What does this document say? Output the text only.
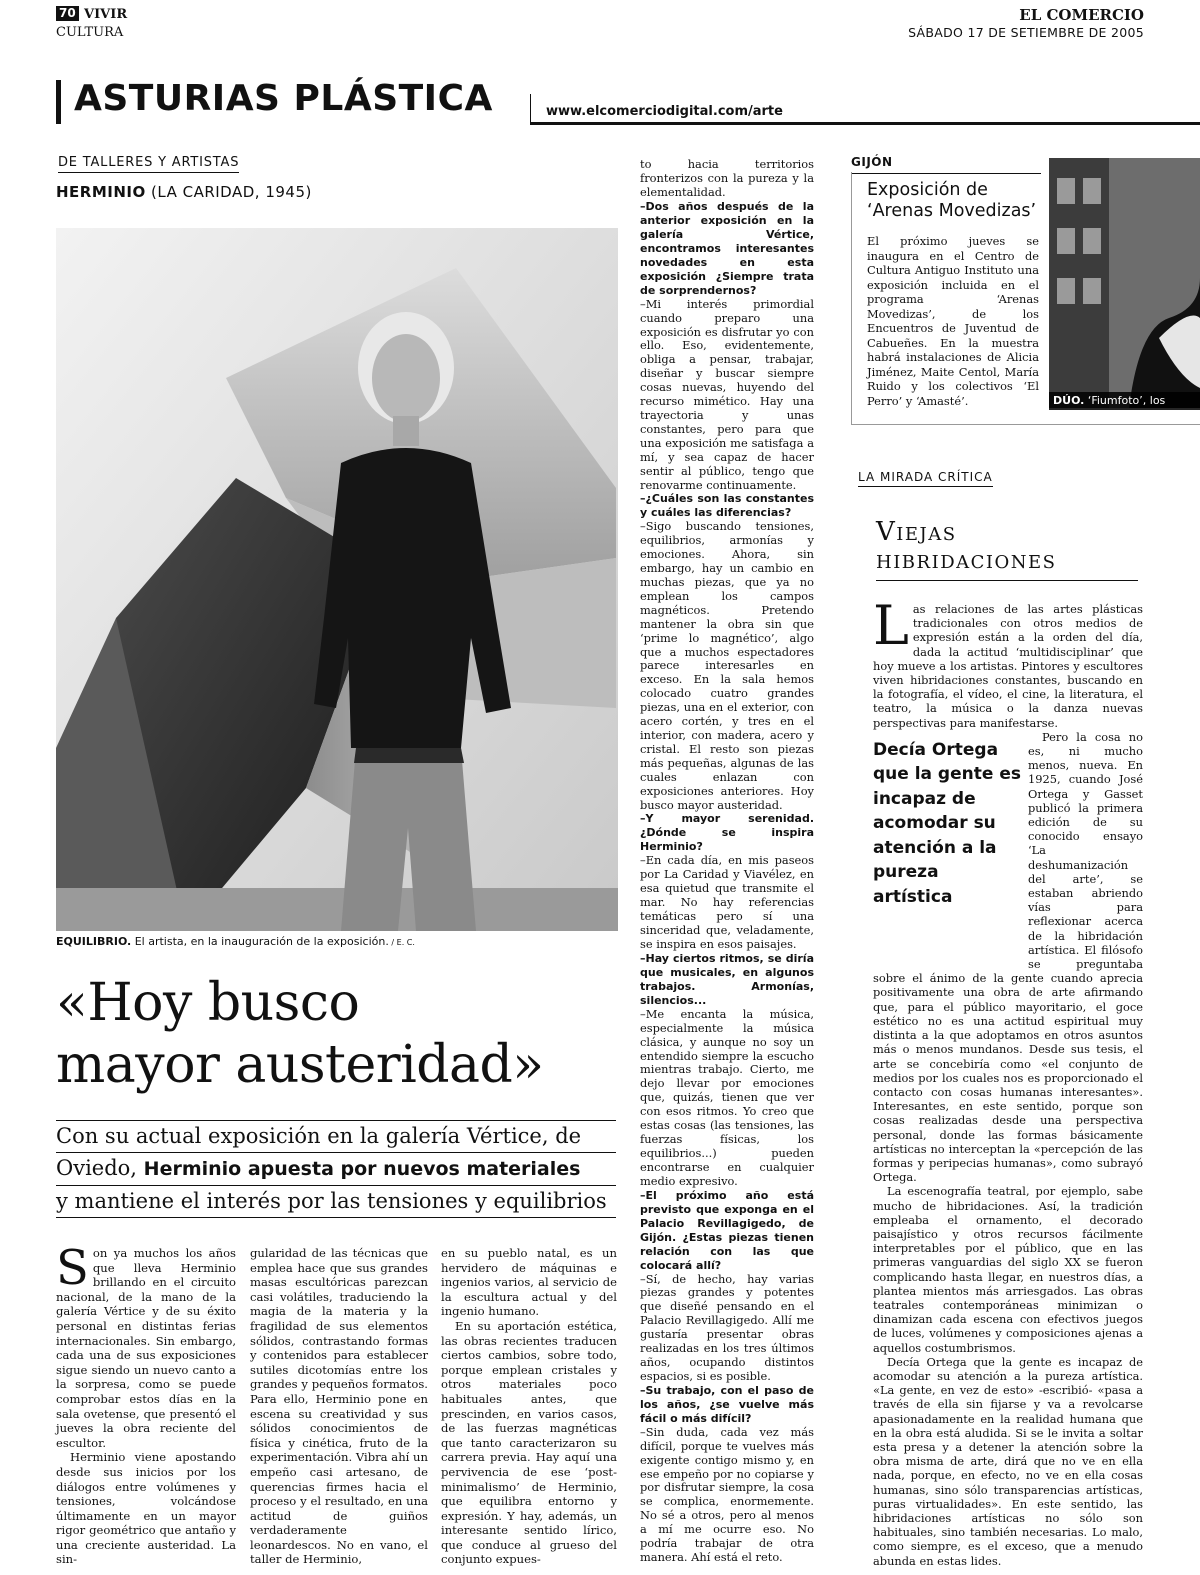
70 VIVIR
CULTURA
EL COMERCIO
SÁBADO 17 DE SETIEMBRE DE 2005
ASTURIAS PLÁSTICA	www.elcomerciodigital.com/arte
DE TALLERES Y ARTISTAS
HERMINIO (LA CARIDAD, 1945)
EQUILIBRIO. El artista, en la inauguración de la exposición. / E. C.
«Hoy busco
mayor austeridad»
Con su actual exposición en la galería Vértice, de
Oviedo, Herminio apuesta por nuevos materiales
y mantiene el interés por las tensiones y equilibrios

Son ya muchos los años que lleva Herminio brillando en el circuito nacional, de la mano de la galería Vértice y de su éxito personal en distintas ferias internacionales. Sin embargo, cada una de sus exposiciones sigue siendo un nuevo canto a la sorpresa, como se puede comprobar estos días en la sala ovetense, que presentó el jueves la obra reciente del escultor.

Herminio viene apostando desde sus inicios por los diálogos entre volúmenes y tensiones, volcándose últimamente en un mayor rigor geométrico que antaño y una creciente austeridad. La sin-

gularidad de las técnicas que emplea hace que sus grandes masas escultóricas parezcan casi volátiles, traduciendo la magia de la materia y la fragilidad de sus elementos sólidos, contrastando formas y contenidos para establecer sutiles dicotomías entre los grandes y pequeños formatos. Para ello, Herminio pone en escena su creatividad y sus sólidos conocimientos de física y cinética, fruto de la experimentación. Vibra ahí un empeño casi artesano, de querencias firmes hacia el proceso y el resultado, en una actitud de guiños verdaderamente leonardescos. No en vano, el taller de Herminio,

en su pueblo natal, es un hervidero de máquinas e ingenios varios, al servicio de la escultura actual y del ingenio humano.

En su aportación estética, las obras recientes traducen ciertos cambios, sobre todo, porque emplean cristales y otros materiales poco habituales antes, que prescinden, en varios casos, de las fuerzas magnéticas que tanto caracterizaron su carrera previa. Hay aquí una pervivencia de ese ‘post-minimalismo’ de Herminio, que equilibra entorno y expresión. Y hay, además, un interesante sentido lírico, que conduce al grueso del conjunto expues-

to hacia territorios fronterizos con la pureza y la elementalidad.

–Dos años después de la anterior exposición en la galería Vértice, encontramos interesantes novedades en esta exposición ¿Siempre trata de sorprendernos?

–Mi interés primordial cuando preparo una exposición es disfrutar yo con ello. Eso, evidentemente, obliga a pensar, trabajar, diseñar y buscar siempre cosas nuevas, huyendo del recurso mimético. Hay una trayectoria y unas constantes, pero para que una exposición me satisfaga a mí, y sea capaz de hacer sentir al público, tengo que renovarme continuamente.

–¿Cuáles son las constantes y cuáles las diferencias?

–Sigo buscando tensiones, equilibrios, armonías y emociones. Ahora, sin embargo, hay un cambio en muchas piezas, que ya no emplean los campos magnéticos. Pretendo mantener la obra sin que ‘prime lo magnético’, algo que a muchos espectadores parece interesarles en exceso. En la sala hemos colocado cuatro grandes piezas, una en el exterior, con acero cortén, y tres en el interior, con madera, acero y cristal. El resto son piezas más pequeñas, algunas de las cuales enlazan con exposiciones anteriores. Hoy busco mayor austeridad.

–Y mayor serenidad. ¿Dónde se inspira Herminio?

–En cada día, en mis paseos por La Caridad y Viavélez, en esa quietud que transmite el mar. No hay referencias temáticas pero sí una sinceridad que, veladamente, se inspira en esos paisajes.

–Hay ciertos ritmos, se diría que musicales, en algunos trabajos. Armonías, silencios...

–Me encanta la música, especialmente la música clásica, y aunque no soy un entendido siempre la escucho mientras trabajo. Cierto, me dejo llevar por emociones que, quizás, tienen que ver con esos ritmos. Yo creo que estas cosas (las tensiones, las fuerzas físicas, los equilibrios...) pueden encontrarse en cualquier medio expresivo.

–El próximo año está previsto que exponga en el Palacio Revillagigedo, de Gijón. ¿Estas piezas tienen relación con las que colocará allí?

–Sí, de hecho, hay varias piezas grandes y potentes que diseñé pensando en el Palacio Revillagigedo. Allí me gustaría presentar obras realizadas en los tres últimos años, ocupando distintos espacios, si es posible.

–Su trabajo, con el paso de los años, ¿se vuelve más fácil o más difícil?

–Sin duda, cada vez más difícil, porque te vuelves más exigente contigo mismo y, en ese empeño por no copiarse y por disfrutar siempre, la cosa se complica, enormemente. No sé a otros, pero al menos a mí me ocurre eso. No podría trabajar de otra manera. Ahí está el reto.

GIJÓN
Exposición de
‘Arenas Movedizas’
El próximo jueves se inaugura en el Centro de Cultura Antiguo Instituto una exposición incluida en el programa ‘Arenas Movedizas’, de los Encuentros de Juventud de Cabueñes. En la muestra habrá instalaciones de Alicia Jiménez, Maite Centol, María Ruido y los colectivos ‘El Perro’ y ‘Amasté’.	DÚO. ‘Fiumfoto’, los
LA MIRADA CRÍTICA
Viejas
hibridaciones

Las relaciones de las artes plásticas tradicionales con otros medios de expresión están a la orden del día, dada la actitud ‘multidisciplinar’ que hoy mueve a los artistas. Pintores y escultores viven hibridaciones constantes, buscando en la fotografía, el vídeo, el cine, la literatura, el teatro, la música o la danza nuevas perspectivas para manifestarse.

Pero la cosa no es, ni mucho menos, nueva. En 1925, cuando José Ortega y Gasset publicó la primera edición de su conocido ensayo ‘La deshumanización del arte’, se estaban abriendo vías para reflexionar acerca de la hibridación artística. El filósofo se preguntaba sobre el ánimo de la gente cuando aprecia positivamente una obra de arte afirmando que, para el público mayoritario, el goce estético no es una actitud espiritual muy distinta a la que adoptamos en otros asuntos más o menos mundanos. Desde sus tesis, el arte se concebiría como «el conjunto de medios por los cuales nos es proporcionado el contacto con cosas humanas interesantes». Interesantes, en este sentido, porque son cosas realizadas desde una perspectiva personal, donde las formas básicamente artísticas no interceptan la «percepción de las formas y peripecias humanas», como subrayó Ortega.

La escenografía teatral, por ejemplo, sabe mucho de hibridaciones. Así, la tradición empleaba el ornamento, el decorado paisajístico y otros recursos fácilmente interpretables por el público, que en las primeras vanguardias del siglo XX se fueron complicando hasta llegar, en nuestros días, a plantea mientos más arriesgados. Las obras teatrales contemporáneas minimizan o dinamizan cada escena con efectivos juegos de luces, volúmenes y composiciones ajenas a aquellos costumbrismos.

Decía Ortega que la gente es incapaz de acomodar su atención a la pureza artística. «La gente, en vez de esto» -escribió- «pasa a través de ella sin fijarse y va a revolcarse apasionadamente en la realidad humana que en la obra está aludida. Si se le invita a soltar esta presa y a detener la atención sobre la obra misma de arte, dirá que no ve en ella nada, porque, en efecto, no ve en ella cosas humanas, sino sólo transparencias artísticas, puras virtualidades». En este sentido, las hibridaciones artísticas no sólo son habituales, sino también necesarias. Lo malo, como siempre, es el exceso, que a menudo abunda en estas lides.

Decía Ortega que la gente es incapaz de acomodar su atención a la pureza artística
